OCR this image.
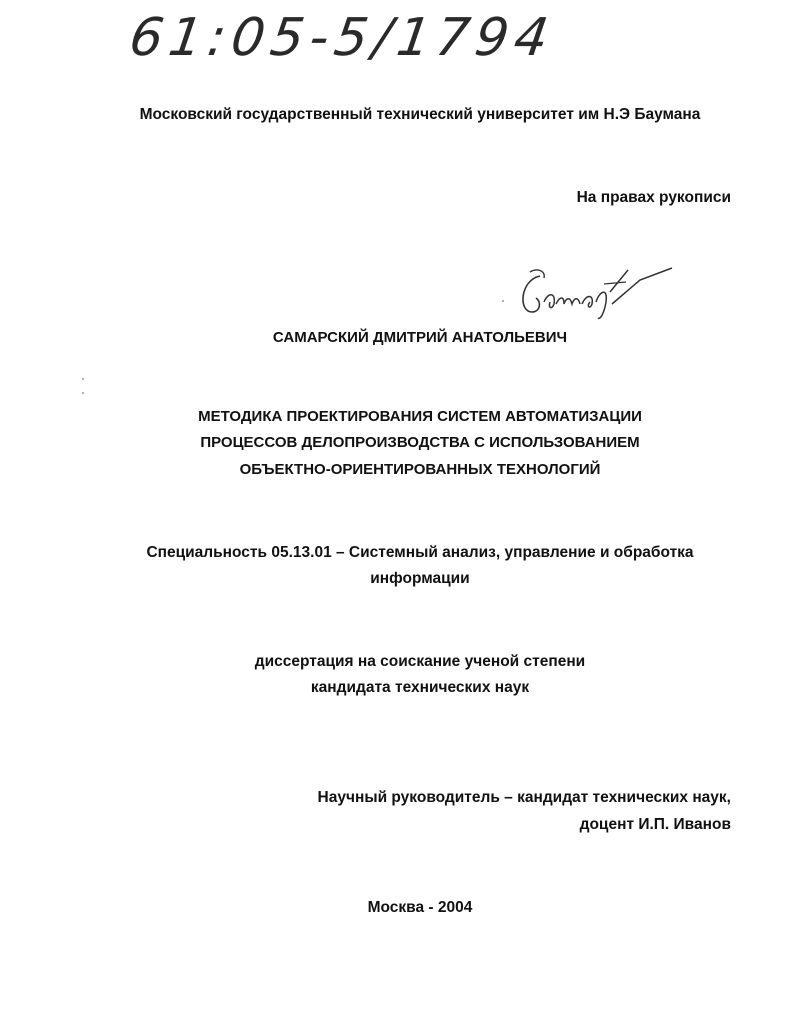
61:05-5/1794
Московский государственный технический университет им Н.Э Баумана
На правах рукописи
САМАРСКИЙ ДМИТРИЙ АНАТОЛЬЕВИЧ
МЕТОДИКА ПРОЕКТИРОВАНИЯ СИСТЕМ АВТОМАТИЗАЦИИ
ПРОЦЕССОВ ДЕЛОПРОИЗВОДСТВА С ИСПОЛЬЗОВАНИЕМ
ОБЪЕКТНО-ОРИЕНТИРОВАННЫХ ТЕХНОЛОГИЙ
Специальность 05.13.01 – Системный анализ, управление и обработка
информации
диссертация на соискание ученой степени
кандидата технических наук
Научный руководитель – кандидат технических наук,
доцент И.П. Иванов
Москва - 2004
